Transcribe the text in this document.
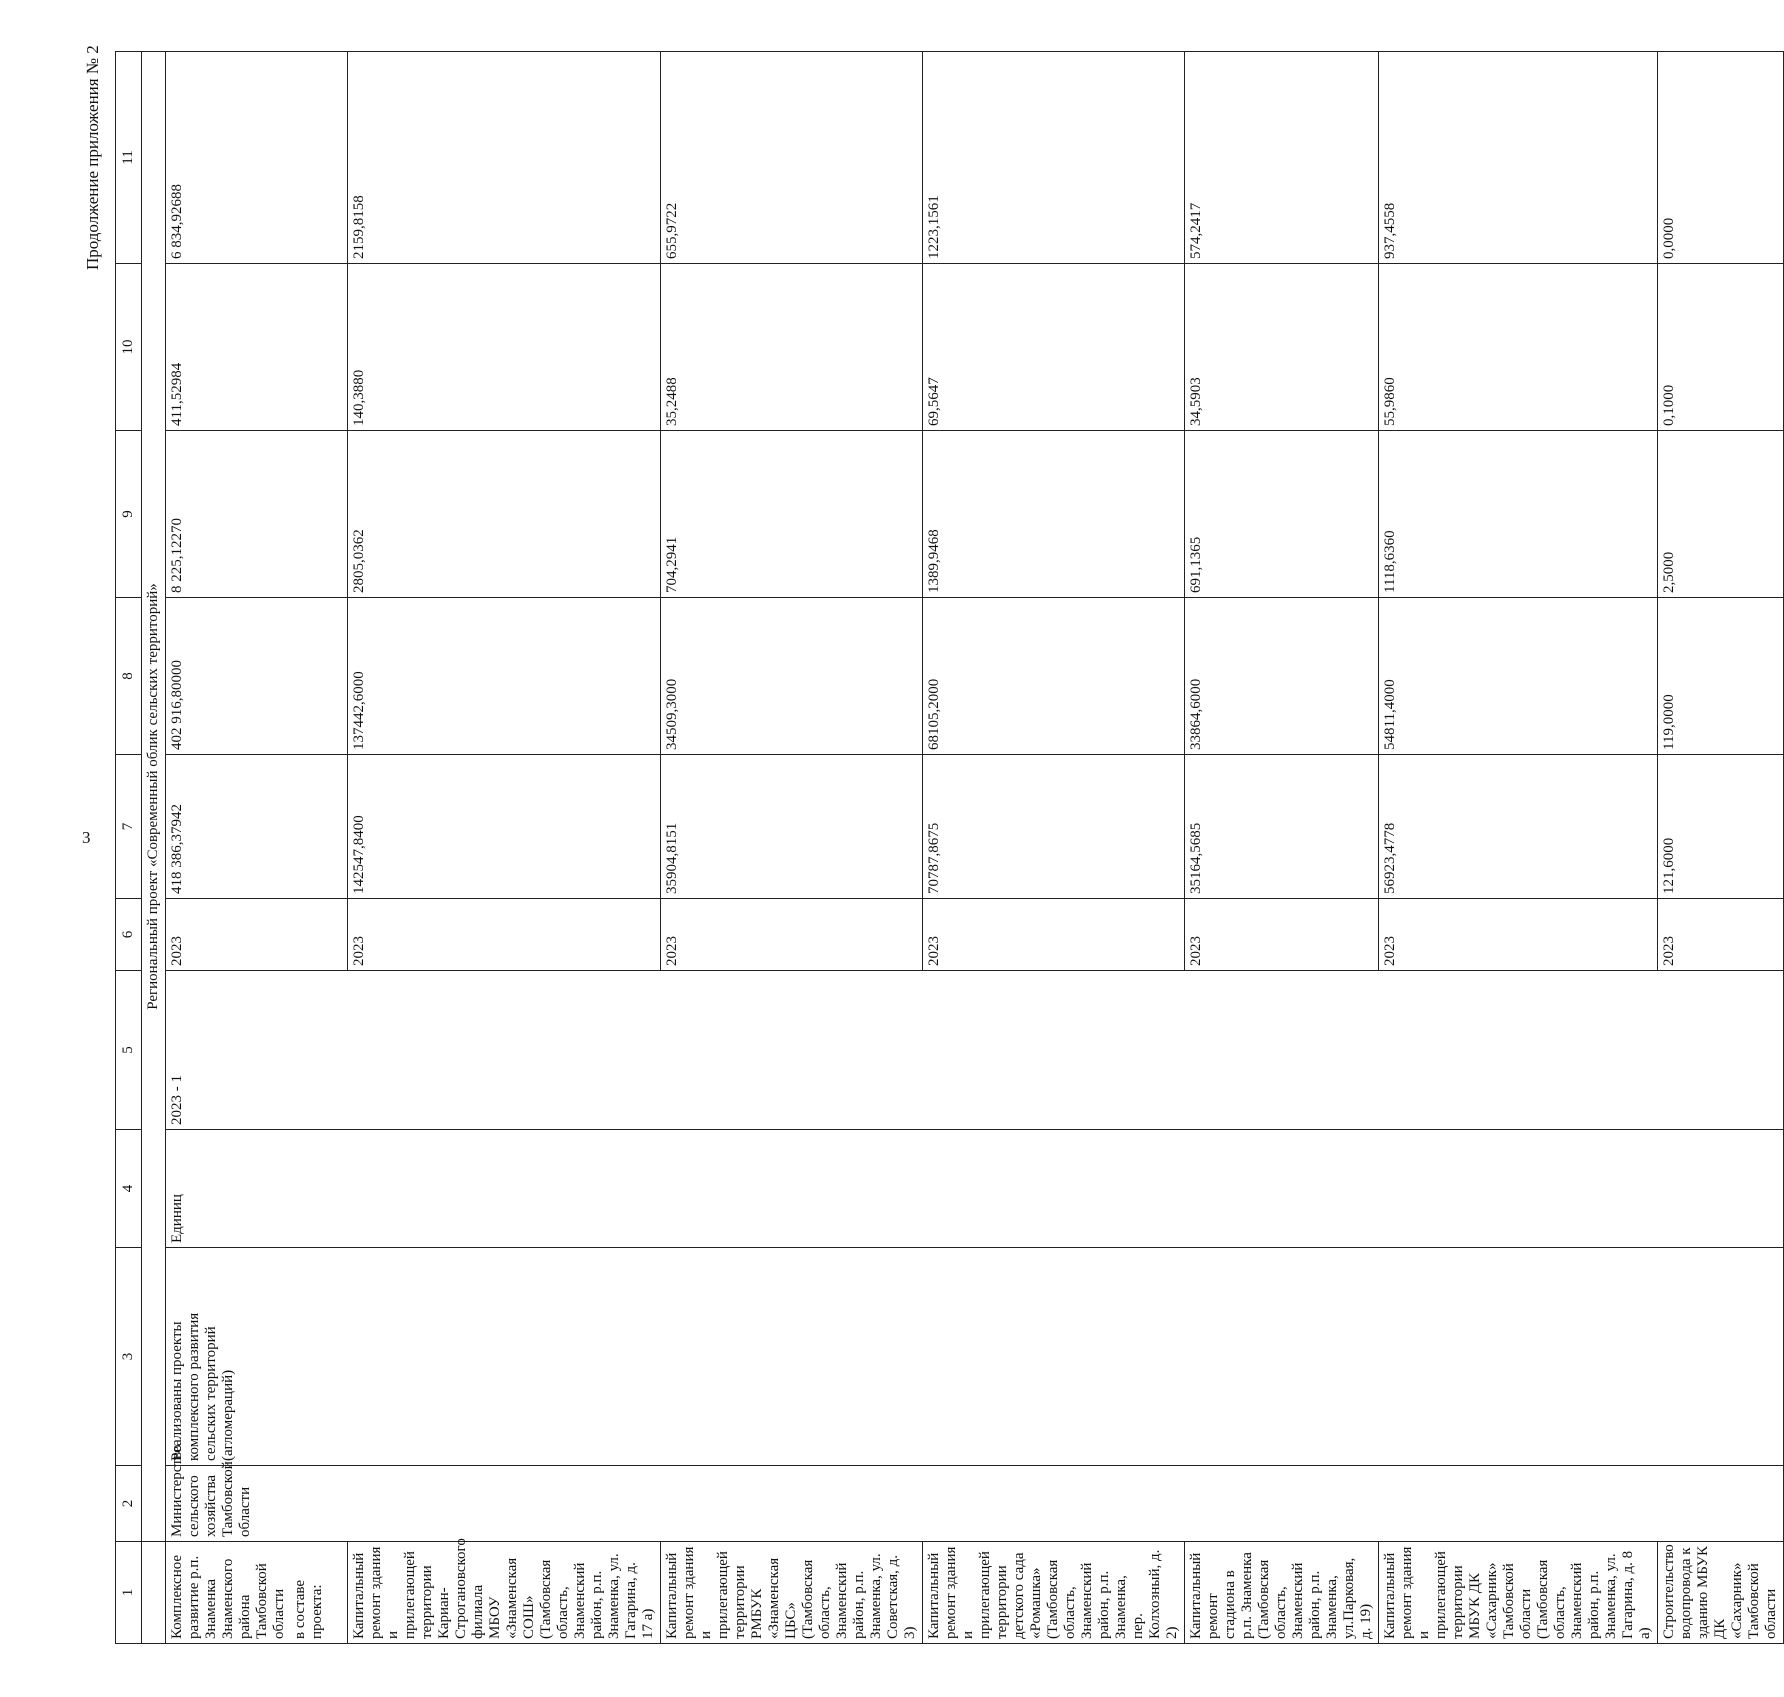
3
Продолжение приложения № 2
1	2	3	4	5	6	7	8	9	10	11
	Региональный проект «Современный облик сельских территорий»									
Комплексное развитие р.п. Знаменка Знаменского района Тамбовской области в составе проекта:	Министерство сельского хозяйства Тамбовской области	Реализованы проекты комплексного развития сельских территорий (агломераций)	Единиц	2023 - 1	2023	418 386,37942	402 916,80000	8 225,12270	411,52984	6 834,92688
Капитальный ремонт здания и прилегающей территории Кариан-Строгановского филиала МБОУ «Знаменская СОШ» (Тамбовская область, Знаменский район, р.п. Знаменка, ул. Гагарина, д. 17 а)					2023	142547,8400	137442,6000	2805,0362	140,3880	2159,8158
Капитальный ремонт здания и прилегающей территории РМБУК «Знаменская ЦБС» (Тамбовская область, Знаменский район, р.п. Знаменка, ул. Советская, д. 3)					2023	35904,8151	34509,3000	704,2941	35,2488	655,9722
Капитальный ремонт здания и прилегающей территории детского сада «Ромашка» (Тамбовская область, Знаменский район, р.п. Знаменка, пер. Колхозный, д. 2)					2023	70787,8675	68105,2000	1389,9468	69,5647	1223,1561
Капитальный ремонт стадиона в р.п. Знаменка (Тамбовская область, Знаменский район, р.п. Знаменка, ул.Парковая, д. 19)					2023	35164,5685	33864,6000	691,1365	34,5903	574,2417
Капитальный ремонт здания и прилегающей территории МБУК ДК «Сахарник» Тамбовской области (Тамбовская область, Знаменский район, р.п. Знаменка, ул. Гагарина, д. 8 а)					2023	56923,4778	54811,4000	1118,6360	55,9860	937,4558
Строительство водопровода к зданию МБУК ДК «Сахарник» Тамбовской области					2023	121,6000	119,0000	2,5000	0,1000	0,0000
